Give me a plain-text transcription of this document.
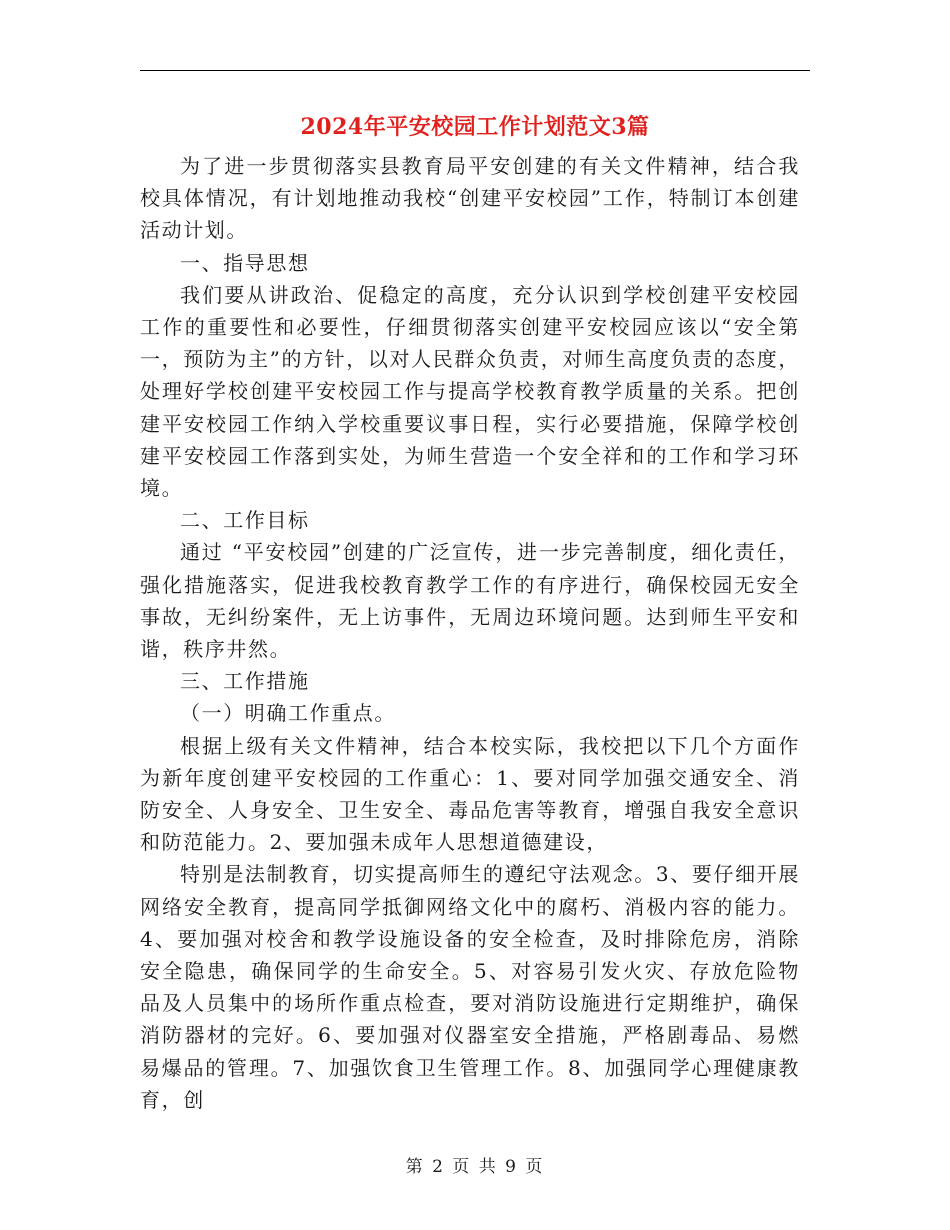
2024年平安校园工作计划范文3篇

为了进一步贯彻落实县教育局平安创建的有关文件精神，结合我校具体情况，有计划地推动我校“创建平安校园”工作，特制订本创建活动计划。

一、指导思想

我们要从讲政治、促稳定的高度，充分认识到学校创建平安校园工作的重要性和必要性，仔细贯彻落实创建平安校园应该以“安全第一，预防为主”的方针，以对人民群众负责，对师生高度负责的态度，处理好学校创建平安校园工作与提高学校教育教学质量的关系。把创建平安校园工作纳入学校重要议事日程，实行必要措施，保障学校创建平安校园工作落到实处，为师生营造一个安全祥和的工作和学习环境。

二、工作目标

通过 “平安校园”创建的广泛宣传，进一步完善制度，细化责任，强化措施落实，促进我校教育教学工作的有序进行，确保校园无安全事故，无纠纷案件，无上访事件，无周边环境问题。达到师生平安和谐，秩序井然。

三、工作措施

（一）明确工作重点。

根据上级有关文件精神，结合本校实际，我校把以下几个方面作为新年度创建平安校园的工作重心：1、要对同学加强交通安全、消防安全、人身安全、卫生安全、毒品危害等教育，增强自我安全意识和防范能力。2、要加强未成年人思想道德建设，

特别是法制教育，切实提高师生的遵纪守法观念。3、要仔细开展网络安全教育，提高同学抵御网络文化中的腐朽、消极内容的能力。4、要加强对校舍和教学设施设备的安全检查，及时排除危房，消除安全隐患，确保同学的生命安全。5、对容易引发火灾、存放危险物品及人员集中的场所作重点检查，要对消防设施进行定期维护，确保消防器材的完好。6、要加强对仪器室安全措施，严格剧毒品、易燃易爆品的管理。7、加强饮食卫生管理工作。8、加强同学心理健康教育，创

第 2 页 共 9 页
